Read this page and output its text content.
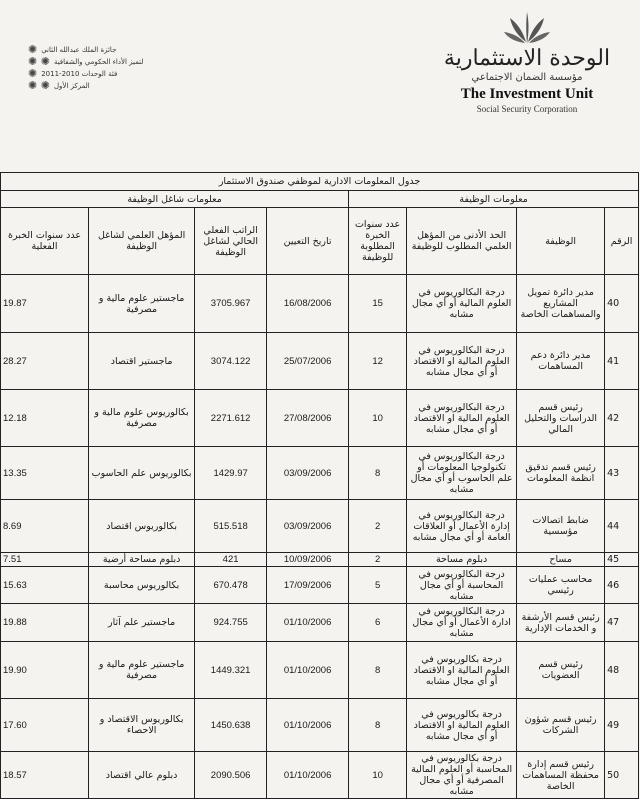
جائزة الملك عبدالله الثاني
✺
لتميز الأداء الحكومي والشفافية
✺ ✺
فئة الوحدات 2010-2011
✺
المركز الأول
✺ ✺
الوحدة الاستثمارية
مؤسسة الضمان الاجتماعي
The Investment Unit
Social Security Corporation
جدول المعلومات الادارية لموظفي صندوق الاستثمار							
معلومات الوظيفة				معلومات شاغل الوظيفة			
الرقم	الوظيفة	الحد الأدنى من المؤهل العلمي المطلوب للوظيفة	عدد سنوات الخبرة المطلوبة للوظيفة	تاريخ التعيين	الراتب الفعلي الحالي لشاغل الوظيفة	المؤهل العلمي لشاغل الوظيفة	عدد سنوات الخبرة الفعلية
40	مدير دائرة تمويل المشاريع والمساهمات الخاصة	درجة البكالوريوس في العلوم المالية أو أي مجال مشابه	15	16/08/2006	3705.967	ماجستير علوم مالية و مصرفية	19.87
41	مدير دائرة دعم المساهمات	درجة البكالوريوس في العلوم المالية او الاقتصاد أو أي مجال مشابه	12	25/07/2006	3074.122	ماجستير اقتصاد	28.27
42	رئيس قسم الدراسات والتحليل المالي	درجة البكالوريوس في العلوم المالية او الاقتصاد أو أي مجال مشابه	10	27/08/2006	2271.612	بكالوريوس علوم مالية و مصرفية	12.18
43	رئيس قسم تدقيق انظمة المعلومات	درجة البكالوريوس في تكنولوجيا المعلومات أو علم الحاسوب أو أي مجال مشابه	8	03/09/2006	1429.97	بكالوريوس علم الحاسوب	13.35
44	ضابط اتصالات مؤسسية	درجة البكالوريوس في إدارة الأعمال أو العلاقات العامة أو أي مجال مشابه	2	03/09/2006	515.518	بكالوريوس اقتصاد	8.69
45	مساح	دبلوم مساحة	2	10/09/2006	421	دبلوم مساحة أرضية	7.51
46	محاسب عمليات رئيسي	درجة البكالوريوس في المحاسبة أو أي مجال مشابه	5	17/09/2006	670.478	بكالوريوس محاسبة	15.63
47	رئيس قسم الأرشفة و الخدمات الإدارية	درجة البكالوريوس في ادارة الأعمال أو أي مجال مشابه	6	01/10/2006	924.755	ماجستير علم آثار	19.88
48	رئيس قسم العضويات	درجة بكالوريوس في العلوم المالية او الاقتصاد أو أي مجال مشابه	8	01/10/2006	1449.321	ماجستير علوم مالية و مصرفية	19.90
49	رئيس قسم شؤون الشركات	درجة بكالوريوس في العلوم المالية او الاقتصاد أو أي مجال مشابه	8	01/10/2006	1450.638	بكالوريوس الاقتصاد و الاحصاء	17.60
50	رئيس قسم إدارة محفظة المساهمات الخاصة	درجة بكالوريوس في المحاسبة أو العلوم المالية المصرفية أو أي مجال مشابه	10	01/10/2006	2090.506	دبلوم عالي اقتصاد	18.57
